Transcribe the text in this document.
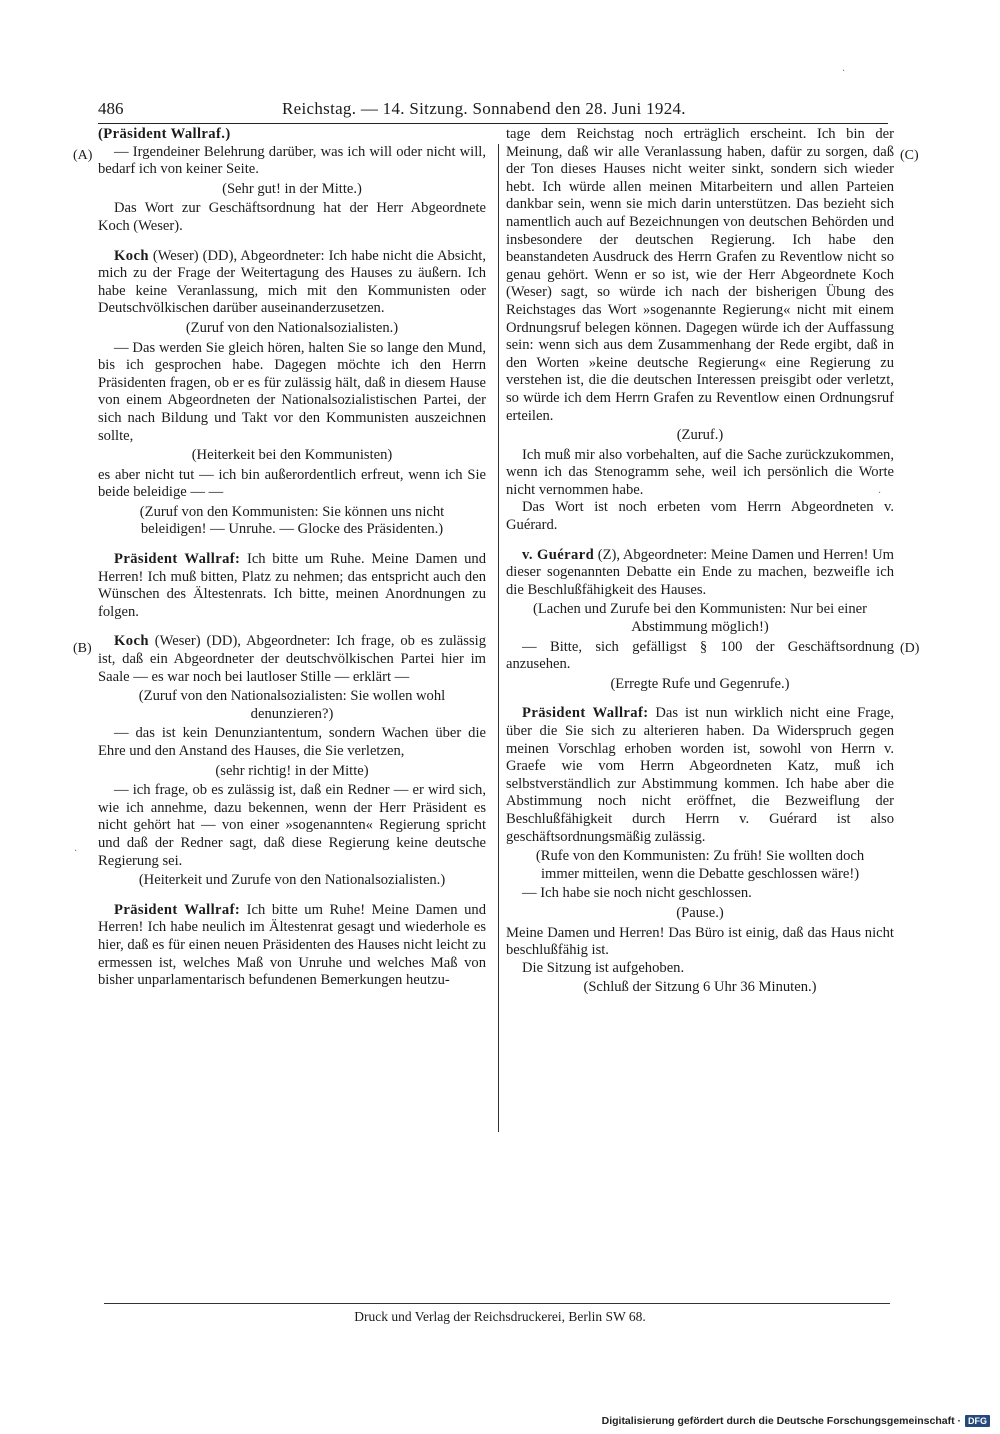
486	Reichstag. — 14. Sitzung. Sonnabend den 28. Juni 1924.
(A)
(B)
(C)
(D)

(Präsident Wallraf.)

— Irgendeiner Belehrung darüber, was ich will oder nicht will, bedarf ich von keiner Seite.

(Sehr gut! in der Mitte.)

Das Wort zur Geschäftsordnung hat der Herr Abgeordnete Koch (Weser).

Koch (Weser) (DD), Abgeordneter: Ich habe nicht die Absicht, mich zu der Frage der Weitertagung des Hauses zu äußern. Ich habe keine Veranlassung, mich mit den Kommunisten oder Deutschvölkischen darüber auseinanderzusetzen.

(Zuruf von den Nationalsozialisten.)

— Das werden Sie gleich hören, halten Sie so lange den Mund, bis ich gesprochen habe. Dagegen möchte ich den Herrn Präsidenten fragen, ob er es für zulässig hält, daß in diesem Hause von einem Abgeordneten der Nationalsozialistischen Partei, der sich nach Bildung und Takt vor den Kommunisten auszeichnen sollte,

(Heiterkeit bei den Kommunisten)

es aber nicht tut — ich bin außerordentlich erfreut, wenn ich Sie beide beleidige — —

(Zuruf von den Kommunisten: Sie können uns nicht beleidigen! — Unruhe. — Glocke des Präsidenten.)

Präsident Wallraf: Ich bitte um Ruhe. Meine Damen und Herren! Ich muß bitten, Platz zu nehmen; das entspricht auch den Wünschen des Ältestenrats. Ich bitte, meinen Anordnungen zu folgen.

Koch (Weser) (DD), Abgeordneter: Ich frage, ob es zulässig ist, daß ein Abgeordneter der deutschvölkischen Partei hier im Saale — es war noch bei lautloser Stille — erklärt —

(Zuruf von den Nationalsozialisten: Sie wollen wohl denunzieren?)

— das ist kein Denunziantentum, sondern Wachen über die Ehre und den Anstand des Hauses, die Sie verletzen,

(sehr richtig! in der Mitte)

— ich frage, ob es zulässig ist, daß ein Redner — er wird sich, wie ich annehme, dazu bekennen, wenn der Herr Präsident es nicht gehört hat — von einer »sogenannten« Regierung spricht und daß der Redner sagt, daß diese Regierung keine deutsche Regierung sei.

(Heiterkeit und Zurufe von den Nationalsozialisten.)

Präsident Wallraf: Ich bitte um Ruhe! Meine Damen und Herren! Ich habe neulich im Ältestenrat gesagt und wiederhole es hier, daß es für einen neuen Präsidenten des Hauses nicht leicht zu ermessen ist, welches Maß von Unruhe und welches Maß von bisher unparlamentarisch befundenen Bemerkungen heutzu-

tage dem Reichstag noch erträglich erscheint. Ich bin der Meinung, daß wir alle Veranlassung haben, dafür zu sorgen, daß der Ton dieses Hauses nicht weiter sinkt, sondern sich wieder hebt. Ich würde allen meinen Mitarbeitern und allen Parteien dankbar sein, wenn sie mich darin unterstützen. Das bezieht sich namentlich auch auf Bezeichnungen von deutschen Behörden und insbesondere der deutschen Regierung. Ich habe den beanstandeten Ausdruck des Herrn Grafen zu Reventlow nicht so genau gehört. Wenn er so ist, wie der Herr Abgeordnete Koch (Weser) sagt, so würde ich nach der bisherigen Übung des Reichstages das Wort »sogenannte Regierung« nicht mit einem Ordnungsruf belegen können. Dagegen würde ich der Auffassung sein: wenn sich aus dem Zusammenhang der Rede ergibt, daß in den Worten »keine deutsche Regierung« eine Regierung zu verstehen ist, die die deutschen Interessen preisgibt oder verletzt, so würde ich dem Herrn Grafen zu Reventlow einen Ordnungsruf erteilen.

(Zuruf.)

Ich muß mir also vorbehalten, auf die Sache zurückzukommen, wenn ich das Stenogramm sehe, weil ich persönlich die Worte nicht vernommen habe.

Das Wort ist noch erbeten vom Herrn Abgeordneten v. Guérard.

v. Guérard (Z), Abgeordneter: Meine Damen und Herren! Um dieser sogenannten Debatte ein Ende zu machen, bezweifle ich die Beschlußfähigkeit des Hauses.

(Lachen und Zurufe bei den Kommunisten: Nur bei einer Abstimmung möglich!)

— Bitte, sich gefälligst § 100 der Geschäftsordnung anzusehen.

(Erregte Rufe und Gegenrufe.)

Präsident Wallraf: Das ist nun wirklich nicht eine Frage, über die Sie sich zu alterieren haben. Da Widerspruch gegen meinen Vorschlag erhoben worden ist, sowohl von Herrn v. Graefe wie vom Herrn Abgeordneten Katz, muß ich selbstverständlich zur Abstimmung kommen. Ich habe aber die Abstimmung noch nicht eröffnet, die Bezweiflung der Beschlußfähigkeit durch Herrn v. Guérard ist also geschäftsordnungsmäßig zulässig.

(Rufe von den Kommunisten: Zu früh! Sie wollten doch immer mitteilen, wenn die Debatte geschlossen wäre!)

— Ich habe sie noch nicht geschlossen.

(Pause.)

Meine Damen und Herren! Das Büro ist einig, daß das Haus nicht beschlußfähig ist.

Die Sitzung ist aufgehoben.

(Schluß der Sitzung 6 Uhr 36 Minuten.)

·
·
·
Druck und Verlag der Reichsdruckerei, Berlin SW 68.
Digitalisierung gefördert durch die Deutsche Forschungsgemeinschaft · DFG
